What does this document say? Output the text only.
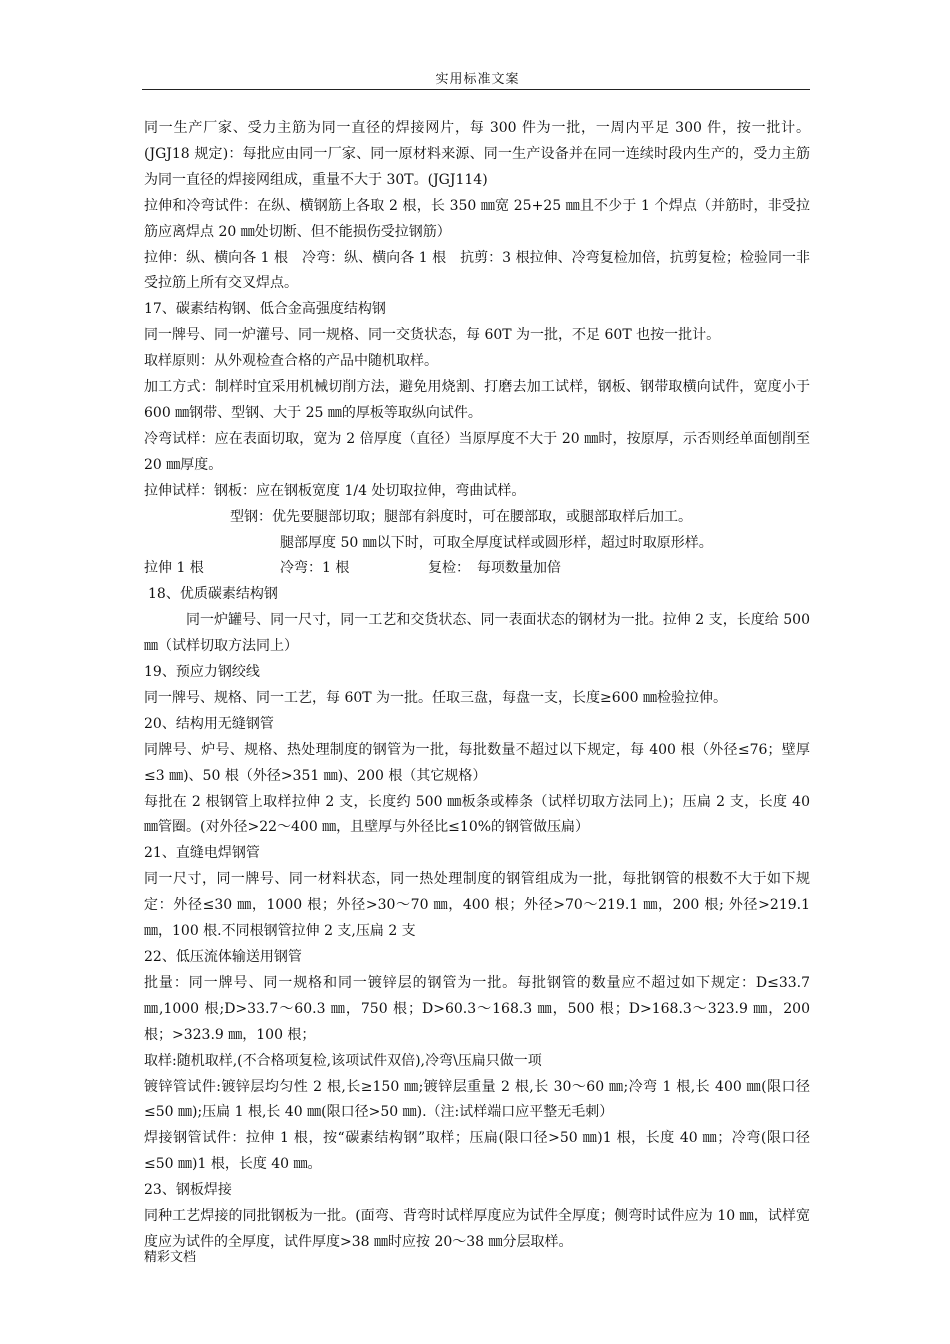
实用标准文案

同一生产厂家、受力主筋为同一直径的焊接网片，每 300 件为一批，一周内平足 300 件，按一批计。(JGJ18 规定)：每批应由同一厂家、同一原材料来源、同一生产设备并在同一连续时段内生产的，受力主筋为同一直径的焊接网组成，重量不大于 30T。(JGJ114)

拉伸和冷弯试件：在纵、横钢筋上各取 2 根，长 350 ㎜宽 25+25 ㎜且不少于 1 个焊点（并筋时，非受拉筋应离焊点 20 ㎜处切断、但不能损伤受拉钢筋）

拉伸：纵、横向各 1 根　冷弯：纵、横向各 1 根　抗剪：3 根拉伸、冷弯复检加倍，抗剪复检；检验同一非受拉筋上所有交叉焊点。

17、碳素结构钢、低合金高强度结构钢

同一牌号、同一炉灌号、同一规格、同一交货状态，每 60T 为一批，不足 60T 也按一批计。

取样原则：从外观检查合格的产品中随机取样。

加工方式：制样时宜采用机械切削方法，避免用烧割、打磨去加工试样，钢板、钢带取横向试件，宽度小于 600 ㎜钢带、型钢、大于 25 ㎜的厚板等取纵向试件。

冷弯试样：应在表面切取，宽为 2 倍厚度（直径）当原厚度不大于 20 ㎜时，按原厚，示否则经单面刨削至 20 ㎜厚度。

拉伸试样：钢板：应在钢板宽度 1/4 处切取拉伸，弯曲试样。

型钢：优先要腿部切取；腿部有斜度时，可在腰部取，或腿部取样后加工。

腿部厚度 50 ㎜以下时，可取全厚度试样或圆形样，超过时取原形样。

拉伸 1 根	冷弯：1 根	复检：　每项数量加倍

18、优质碳素结构钢

同一炉罐号、同一尺寸，同一工艺和交货状态、同一表面状态的钢材为一批。拉伸 2 支，长度给 500 ㎜（试样切取方法同上）

19、预应力钢绞线

同一牌号、规格、同一工艺，每 60T 为一批。任取三盘，每盘一支，长度≥600 ㎜检验拉伸。

20、结构用无缝钢管

同牌号、炉号、规格、热处理制度的钢管为一批，每批数量不超过以下规定，每 400 根（外径≤76；壁厚≤3 ㎜)、50 根（外径>351 ㎜)、200 根（其它规格）

每批在 2 根钢管上取样拉伸 2 支，长度约 500 ㎜板条或棒条（试样切取方法同上)；压扁 2 支，长度 40 ㎜管圈。(对外径>22～400 ㎜，且壁厚与外径比≤10%的钢管做压扁）

21、直缝电焊钢管

同一尺寸，同一牌号、同一材料状态，同一热处理制度的钢管组成为一批，每批钢管的根数不大于如下规定：外径≤30 ㎜，1000 根；外径>30～70 ㎜，400 根；外径>70～219.1 ㎜，200 根; 外径>219.1 ㎜，100 根.不同根钢管拉伸 2 支,压扁 2 支

22、低压流体输送用钢管

批量：同一牌号、同一规格和同一镀锌层的钢管为一批。每批钢管的数量应不超过如下规定：D≤33.7 ㎜,1000 根;D>33.7～60.3 ㎜，750 根；D>60.3～168.3 ㎜，500 根；D>168.3～323.9 ㎜，200 根；>323.9 ㎜，100 根；

取样:随机取样,(不合格项复检,该项试件双倍),冷弯\压扁只做一项

镀锌管试件:镀锌层均匀性 2 根,长≥150 ㎜;镀锌层重量 2 根,长 30～60 ㎜;冷弯 1 根,长 400 ㎜(限口径≤50 ㎜);压扁 1 根,长 40 ㎜(限口径>50 ㎜).（注:试样端口应平整无毛刺）

焊接钢管试件：拉伸 1 根，按“碳素结构钢”取样；压扁(限口径>50 ㎜)1 根，长度 40 ㎜；冷弯(限口径≤50 ㎜)1 根，长度 40 ㎜。

23、钢板焊接

同种工艺焊接的同批钢板为一批。(面弯、背弯时试样厚度应为试件全厚度；侧弯时试件应为 10 ㎜，试样宽度应为试件的全厚度，试件厚度>38 ㎜时应按 20～38 ㎜分层取样。

精彩文档
